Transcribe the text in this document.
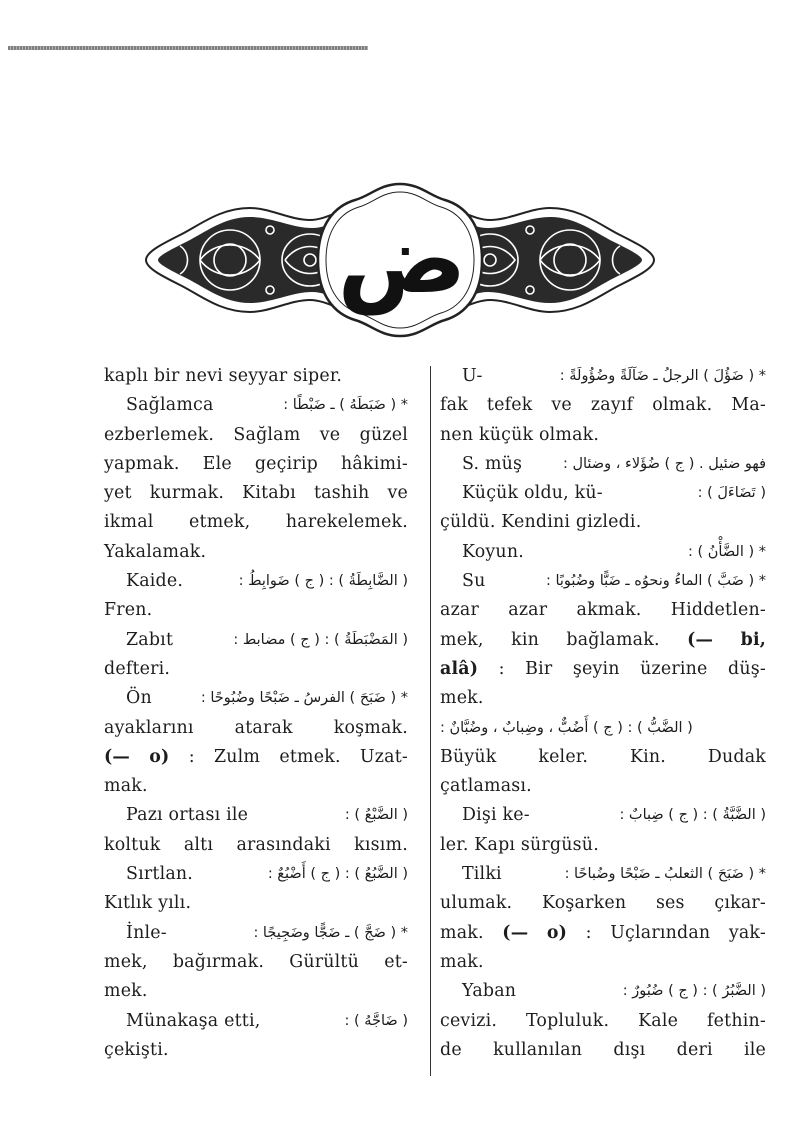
ض
kaplı bir nevi seyyar siper.
Sağlamca	* ( ضَبَطَهُ ) ـ ضَبْطًا :
ezberlemek. Sağlam ve güzel
yapmak. Ele geçirip hâkimi-
yet kurmak. Kitabı tashih ve
ikmal etmek, harekelemek.
Yakalamak.
Kaide.	( الضَّابِطَةُ ) : ( ج ) ضَوابِطُ :
Fren.
Zabıt	( المَضْبَطَةُ ) : ( ج ) مضابط :
defteri.
Ön	* ( ضَبَحَ ) الفرسُ ـ ضَبْحًا وضُبُوحًا :
ayaklarını atarak koşmak.
(— o) : Zulm etmek. Uzat-
mak.
Pazı ortası ile	( الضَّبْعُ ) :
koltuk altı arasındaki kısım.
Sırtlan.	( الضَّبُعُ ) : ( ج ) أَضْبُعٌ :
Kıtlık yılı.
İnle-	* ( ضَجَّ ) ـ ضَجًّا وضَجِيجًا :
mek, bağırmak. Gürültü et-
mek.
Münakaşa etti,	( ضَاجَّهُ ) :
çekişti.
U-	* ( ضَؤُلَ ) الرجلُ ـ ضَآلَةً وضُؤُولَةً :
fak tefek ve zayıf olmak. Ma-
nen küçük olmak.
S. müş	فهو ضئيل . ( ج ) ضُؤَلاء ، وضئال :
Küçük oldu, kü-	( تَضَاءَلَ ) :
çüldü. Kendini gizledi.
Koyun.	* ( الضَّأْنُ ) :
Su	* ( ضَبَّ ) الماءُ ونحوُه ـ ضَبًّا وضُبُوبًا :
azar azar akmak. Hiddetlen-
mek, kin bağlamak. (— bi,
alâ) : Bir şeyin üzerine düş-
mek.
( الضَّبُّ ) : ( ج ) أَضُبٌّ ، وضِبابٌ ، وضُبَّانٌ :
Büyük keler. Kin. Dudak
çatlaması.
Dişi ke-	( الضَّبَّةُ ) : ( ج ) ضِبابٌ :
ler. Kapı sürgüsü.
Tilki	* ( ضَبَحَ ) الثعلبُ ـ ضَبْحًا وضُباحًا :
ulumak. Koşarken ses çıkar-
mak. (— o) : Uçlarından yak-
mak.
Yaban	( الضَّبُرُ ) : ( ج ) ضُبُورٌ :
cevizi. Topluluk. Kale fethin-
de kullanılan dışı deri ile
